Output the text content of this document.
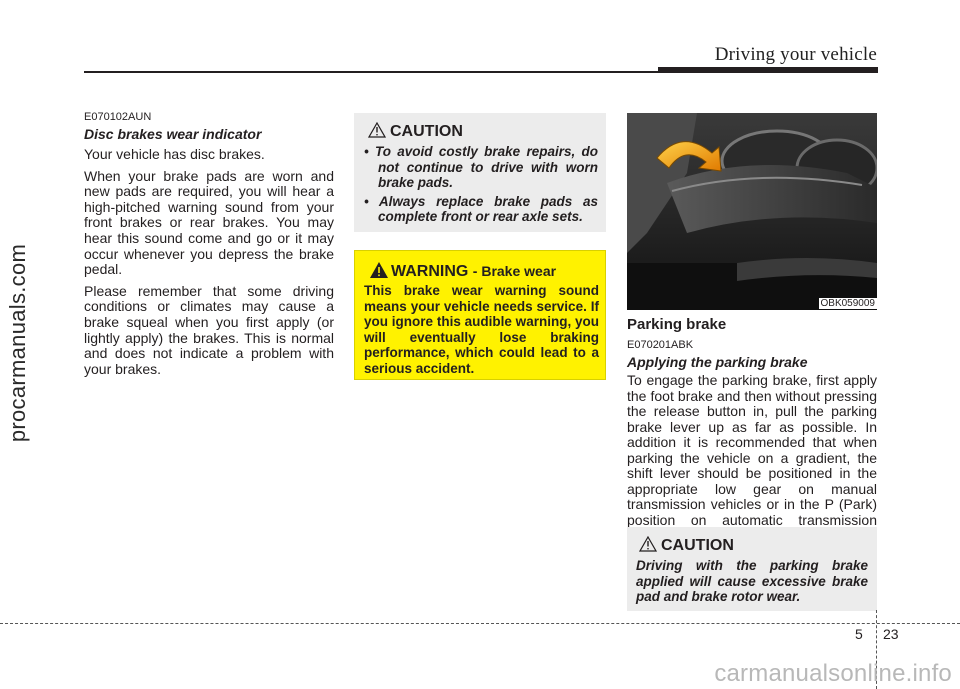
Driving your vehicle
procarmanuals.com
E070102AUN
Disc brakes wear indicator

Your vehicle has disc brakes.

When your brake pads are worn and new pads are required, you will hear a high-pitched warning sound from your front brakes or rear brakes. You may hear this sound come and go or it may occur whenever you depress the brake pedal.

Please remember that some driving conditions or climates may cause a brake squeal when you first apply (or lightly apply) the brakes. This is normal and does not indicate a problem with your brakes.

CAUTION
• To avoid costly brake repairs, do not continue to drive with worn brake pads.
• Always replace brake pads as complete front or rear axle sets.
WARNING - Brake wear
This brake wear warning sound means your vehicle needs service. If you ignore this audible warning, you will eventually lose braking performance, which could lead to a serious accident.
OBK059009
Parking brake
E070201ABK
Applying the parking brake

To engage the parking brake, first apply the foot brake and then without pressing the release button in, pull the parking brake lever up as far as possible. In addition it is recommended that when parking the vehicle on a gradient, the shift lever should be positioned in the appropriate low gear on manual transmission vehicles or in the P (Park) position on automatic transmission

CAUTION
Driving with the parking brake applied will cause excessive brake pad and brake rotor wear.
5 23
carmanualsonline.info
